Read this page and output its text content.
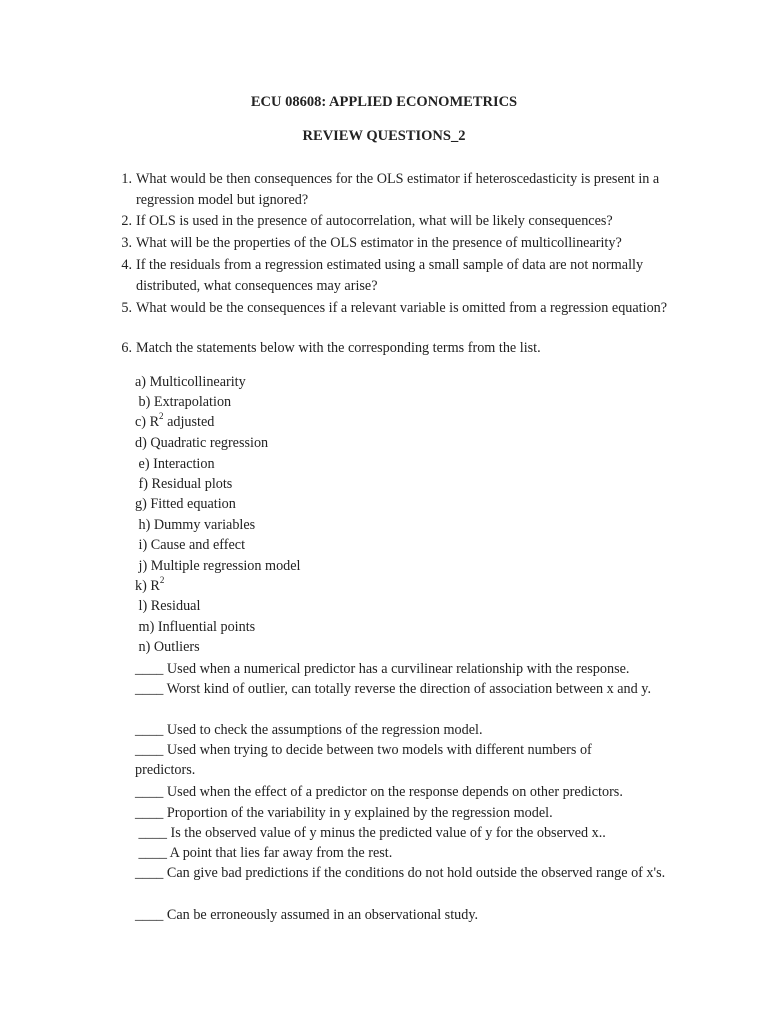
ECU 08608: APPLIED ECONOMETRICS
REVIEW QUESTIONS_2
1. What would be then consequences for the OLS estimator if heteroscedasticity is present in a regression model but ignored?
2. If OLS is used in the presence of autocorrelation, what will be likely consequences?
3. What will be the properties of the OLS estimator in the presence of multicollinearity?
4. If the residuals from a regression estimated using a small sample of data are not normally distributed, what consequences may arise?
5. What would be the consequences if a relevant variable is omitted from a regression equation?
6. Match the statements below with the corresponding terms from the list.
a) Multicollinearity
b) Extrapolation
c) $R^2$ adjusted
d) Quadratic regression
e) Interaction
f) Residual plots
g) Fitted equation
h) Dummy variables
i) Cause and effect
j) Multiple regression model
k) $R^2$
l) Residual
m) Influential points
n) Outliers
____ Used when a numerical predictor has a curvilinear relationship with the response.
____ Worst kind of outlier, can totally reverse the direction of association between x and y.
____ Used to check the assumptions of the regression model.
____ Used when trying to decide between two models with different numbers of predictors.
____ Used when the effect of a predictor on the response depends on other predictors.
____ Proportion of the variability in y explained by the regression model.
____ Is the observed value of y minus the predicted value of y for the observed x..
____ A point that lies far away from the rest.
____ Can give bad predictions if the conditions do not hold outside the observed range of x's.
____ Can be erroneously assumed in an observational study.
